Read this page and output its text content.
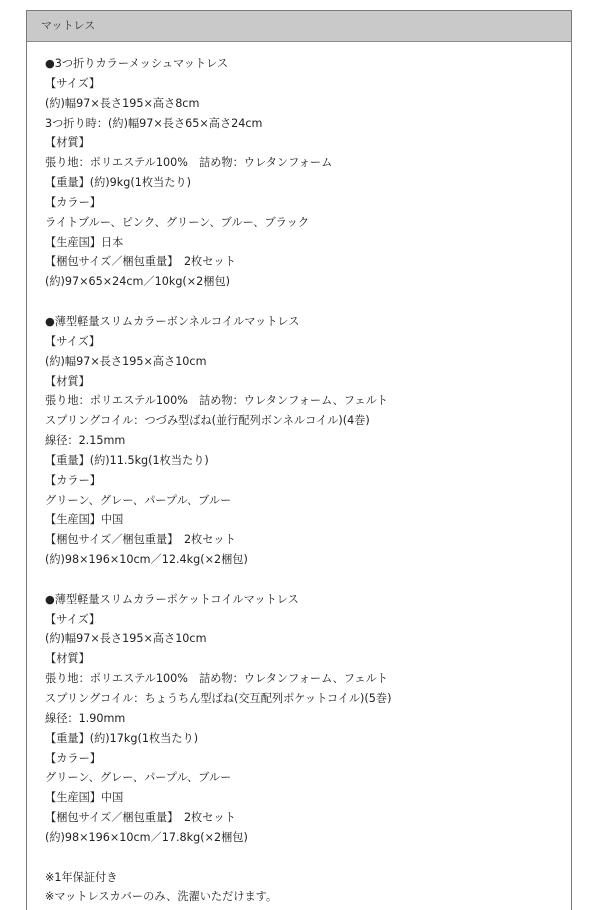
マットレス
●3つ折りカラーメッシュマットレス
【サイズ】
(約)幅97×長さ195×高さ8cm
3つ折り時：(約)幅97×長さ65×高さ24cm
【材質】
張り地：ポリエステル100%　詰め物：ウレタンフォーム
【重量】(約)9kg(1枚当たり)
【カラー】
ライトブルー、ピンク、グリーン、ブルー、ブラック
【生産国】日本
【梱包サイズ／梱包重量】　2枚セット
(約)97×65×24cm／10kg(×2梱包)
●薄型軽量スリムカラーボンネルコイルマットレス
【サイズ】
(約)幅97×長さ195×高さ10cm
【材質】
張り地：ポリエステル100%　詰め物：ウレタンフォーム、フェルト
スプリングコイル：つづみ型ばね(並行配列ボンネルコイル)(4巻)
線径：2.15mm
【重量】(約)11.5kg(1枚当たり)
【カラー】
グリーン、グレー、パープル、ブルー
【生産国】中国
【梱包サイズ／梱包重量】　2枚セット
(約)98×196×10cm／12.4kg(×2梱包)
●薄型軽量スリムカラーポケットコイルマットレス
【サイズ】
(約)幅97×長さ195×高さ10cm
【材質】
張り地：ポリエステル100%　詰め物：ウレタンフォーム、フェルト
スプリングコイル：ちょうちん型ばね(交互配列ポケットコイル)(5巻)
線径：1.90mm
【重量】(約)17kg(1枚当たり)
【カラー】
グリーン、グレー、パープル、ブルー
【生産国】中国
【梱包サイズ／梱包重量】　2枚セット
(約)98×196×10cm／17.8kg(×2梱包)
※1年保証付き
※マットレスカバーのみ、洗濯いただけます。
